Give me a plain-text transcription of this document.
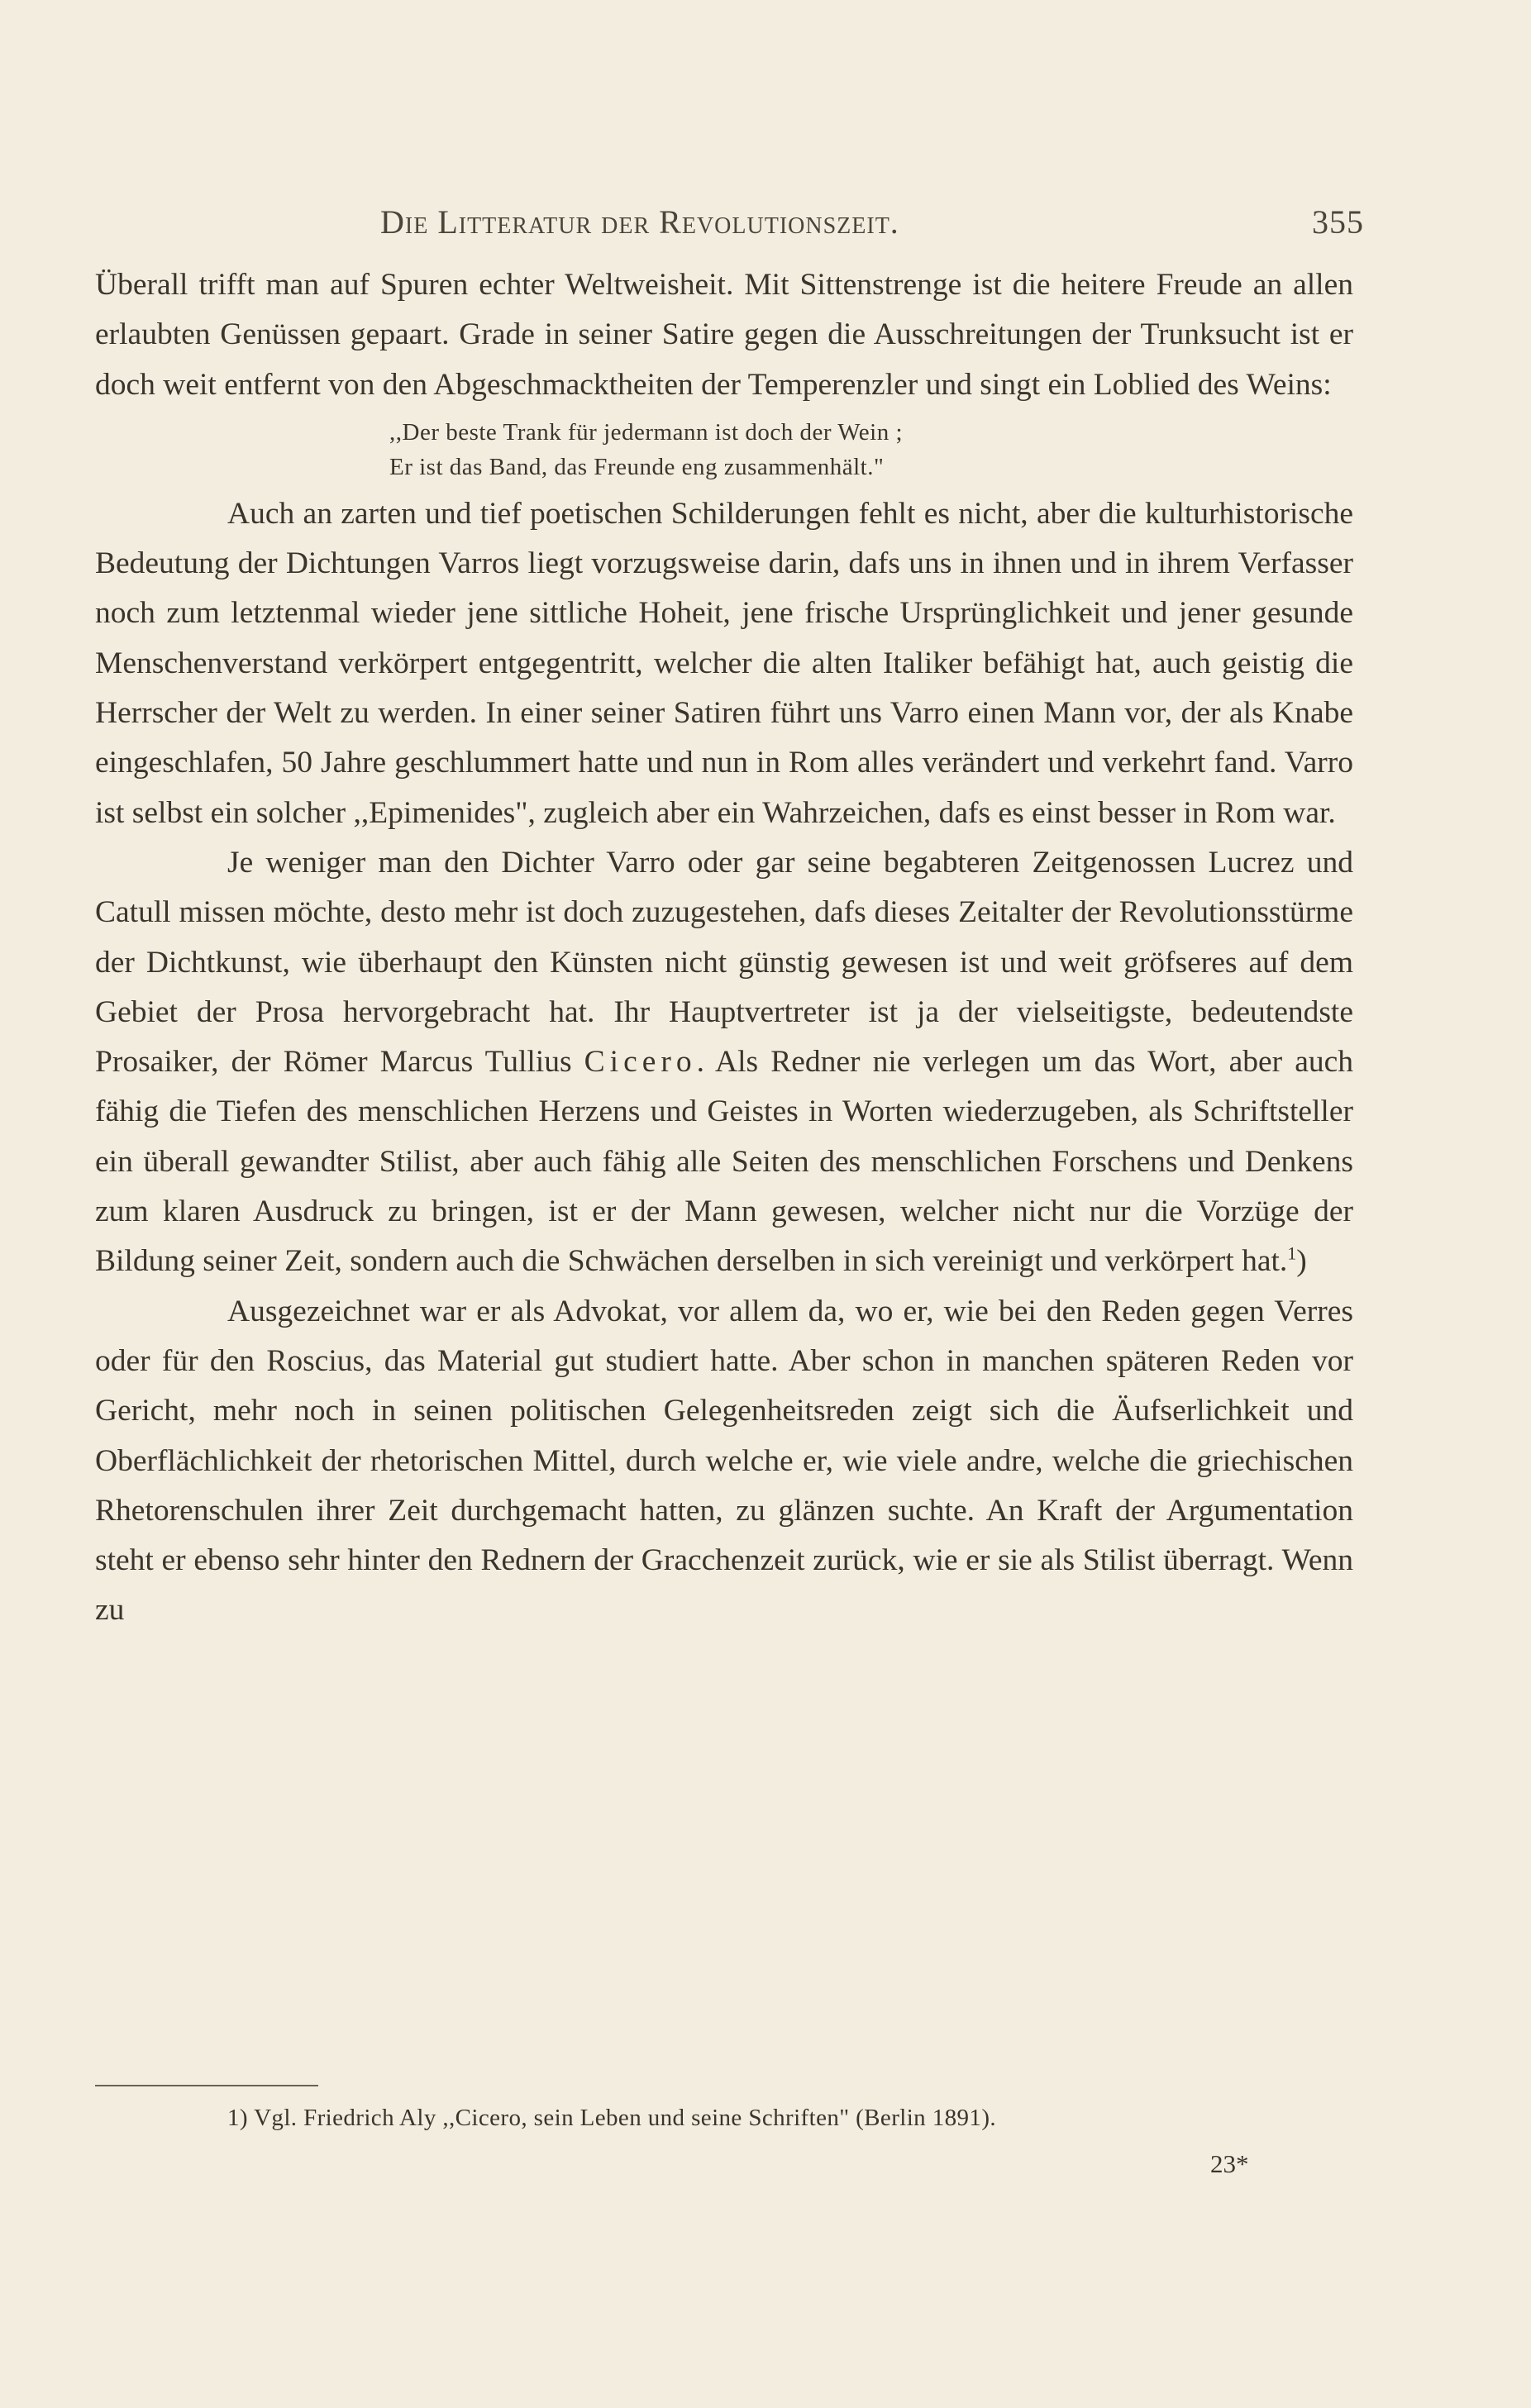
Die Litteratur der Revolutionszeit.	355

Überall trifft man auf Spuren echter Weltweisheit. Mit Sittenstrenge ist die heitere Freude an allen erlaubten Genüssen gepaart. Grade in seiner Satire gegen die Ausschreitungen der Trunksucht ist er doch weit entfernt von den Abgeschmacktheiten der Temperenzler und singt ein Loblied des Weins:

,,Der beste Trank für jedermann ist doch der Wein ;
Er ist das Band, das Freunde eng zusammenhält."

Auch an zarten und tief poetischen Schilderungen fehlt es nicht, aber die kulturhistorische Bedeutung der Dichtungen Varros liegt vorzugsweise darin, dafs uns in ihnen und in ihrem Verfasser noch zum letztenmal wieder jene sittliche Hoheit, jene frische Ursprünglichkeit und jener gesunde Menschenverstand verkörpert entgegentritt, welcher die alten Italiker befähigt hat, auch geistig die Herrscher der Welt zu werden. In einer seiner Satiren führt uns Varro einen Mann vor, der als Knabe eingeschlafen, 50 Jahre geschlummert hatte und nun in Rom alles verändert und verkehrt fand. Varro ist selbst ein solcher ,,Epimenides", zugleich aber ein Wahrzeichen, dafs es einst besser in Rom war.

Je weniger man den Dichter Varro oder gar seine begabteren Zeitgenossen Lucrez und Catull missen möchte, desto mehr ist doch zuzugestehen, dafs dieses Zeitalter der Revolutionsstürme der Dichtkunst, wie überhaupt den Künsten nicht günstig gewesen ist und weit gröfseres auf dem Gebiet der Prosa hervorgebracht hat. Ihr Hauptvertreter ist ja der vielseitigste, bedeutendste Prosaiker, der Römer Marcus Tullius Cicero. Als Redner nie verlegen um das Wort, aber auch fähig die Tiefen des menschlichen Herzens und Geistes in Worten wiederzugeben, als Schriftsteller ein überall gewandter Stilist, aber auch fähig alle Seiten des menschlichen Forschens und Denkens zum klaren Ausdruck zu bringen, ist er der Mann gewesen, welcher nicht nur die Vorzüge der Bildung seiner Zeit, sondern auch die Schwächen derselben in sich vereinigt und verkörpert hat.$^1$)

Ausgezeichnet war er als Advokat, vor allem da, wo er, wie bei den Reden gegen Verres oder für den Roscius, das Material gut studiert hatte. Aber schon in manchen späteren Reden vor Gericht, mehr noch in seinen politischen Gelegenheitsreden zeigt sich die Äufserlichkeit und Oberflächlichkeit der rhetorischen Mittel, durch welche er, wie viele andre, welche die griechischen Rhetorenschulen ihrer Zeit durchgemacht hatten, zu glänzen suchte. An Kraft der Argumentation steht er ebenso sehr hinter den Rednern der Gracchenzeit zurück, wie er sie als Stilist überragt. Wenn zu

1) Vgl. Friedrich Aly ,,Cicero, sein Leben und seine Schriften" (Berlin 1891).
23*
